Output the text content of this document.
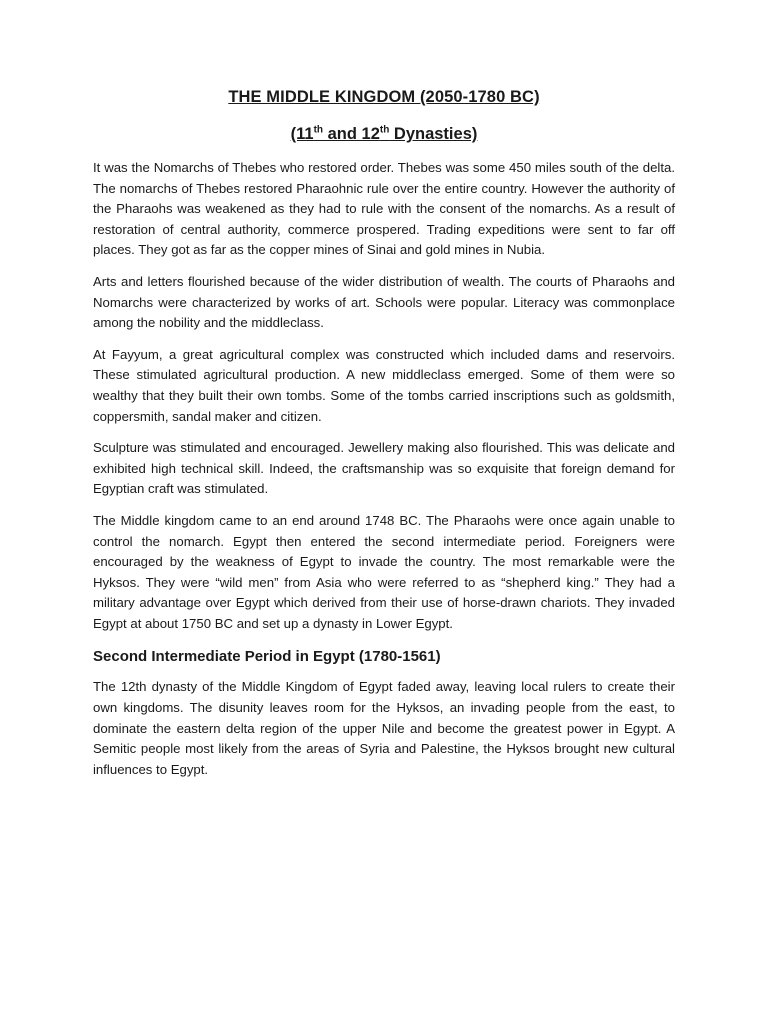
THE MIDDLE KINGDOM (2050-1780 BC)
(11th and 12th Dynasties)

It was the Nomarchs of Thebes who restored order. Thebes was some 450 miles south of the delta. The nomarchs of Thebes restored Pharaohnic rule over the entire country. However the authority of the Pharaohs was weakened as they had to rule with the consent of the nomarchs. As a result of restoration of central authority, commerce prospered. Trading expeditions were sent to far off places. They got as far as the copper mines of Sinai and gold mines in Nubia.

Arts and letters flourished because of the wider distribution of wealth. The courts of Pharaohs and Nomarchs were characterized by works of art. Schools were popular. Literacy was commonplace among the nobility and the middleclass.

At Fayyum, a great agricultural complex was constructed which included dams and reservoirs. These stimulated agricultural production. A new middleclass emerged. Some of them were so wealthy that they built their own tombs. Some of the tombs carried inscriptions such as goldsmith, coppersmith, sandal maker and citizen.

Sculpture was stimulated and encouraged. Jewellery making also flourished. This was delicate and exhibited high technical skill. Indeed, the craftsmanship was so exquisite that foreign demand for Egyptian craft was stimulated.

The Middle kingdom came to an end around 1748 BC. The Pharaohs were once again unable to control the nomarch. Egypt then entered the second intermediate period. Foreigners were encouraged by the weakness of Egypt to invade the country. The most remarkable were the Hyksos. They were “wild men” from Asia who were referred to as “shepherd king.” They had a military advantage over Egypt which derived from their use of horse-drawn chariots. They invaded Egypt at about 1750 BC and set up a dynasty in Lower Egypt.

Second Intermediate Period in Egypt (1780-1561)

The 12th dynasty of the Middle Kingdom of Egypt faded away, leaving local rulers to create their own kingdoms. The disunity leaves room for the Hyksos, an invading people from the east, to dominate the eastern delta region of the upper Nile and become the greatest power in Egypt. A Semitic people most likely from the areas of Syria and Palestine, the Hyksos brought new cultural influences to Egypt.
